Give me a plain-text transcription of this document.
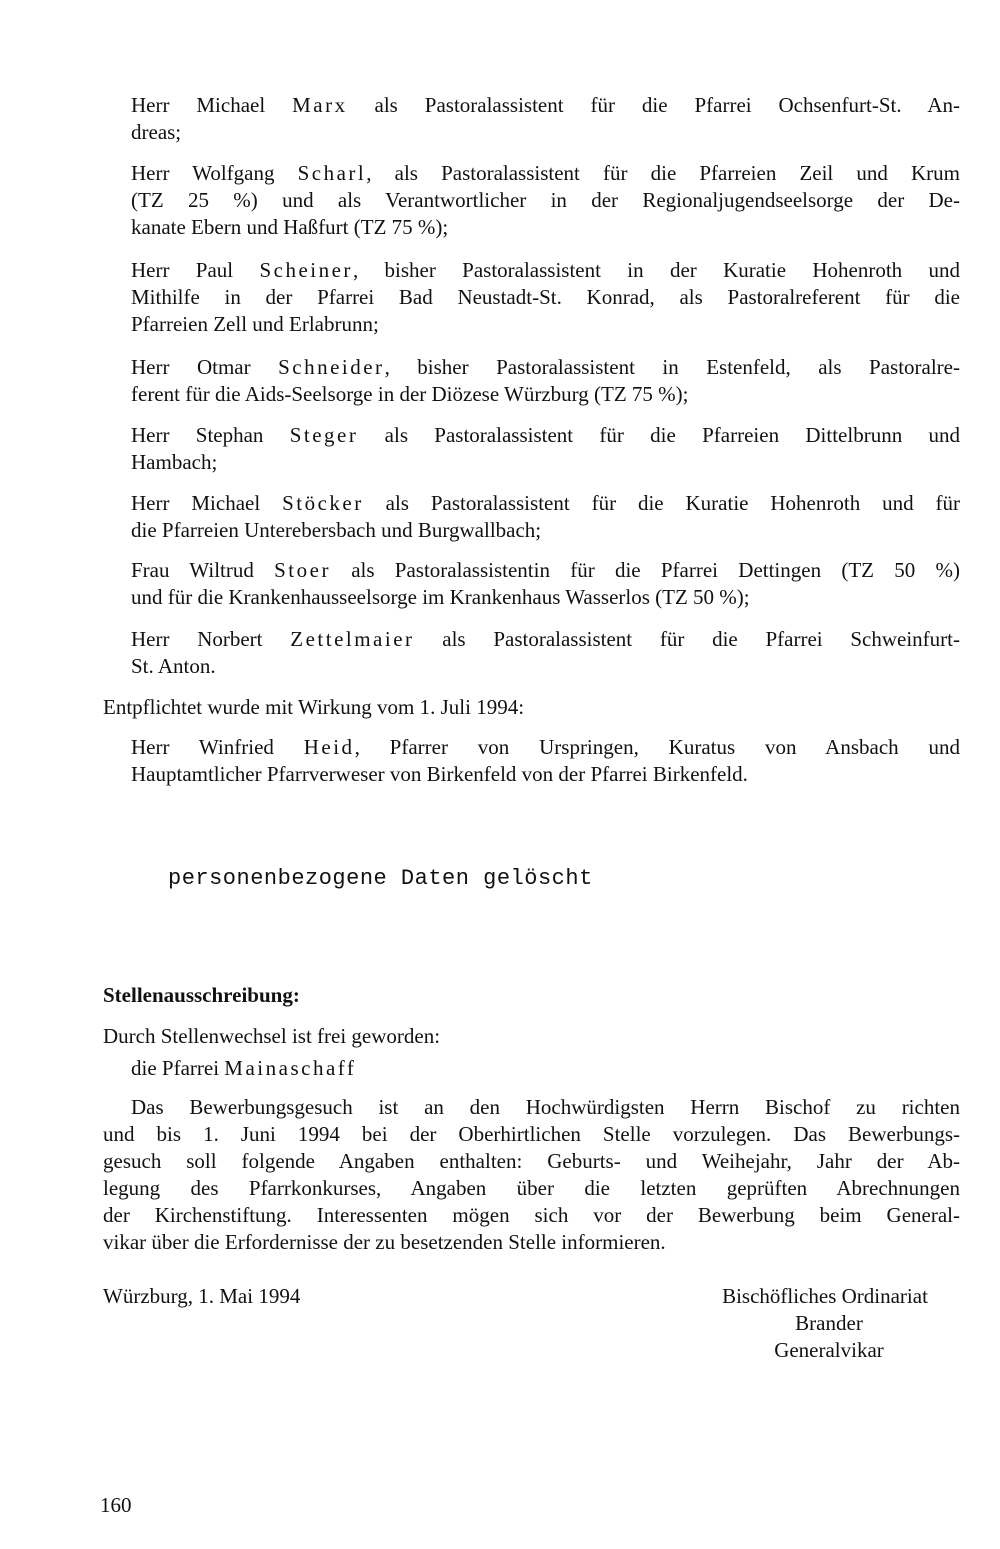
Herr Michael Marx als Pastoralassistent für die Pfarrei Ochsenfurt-St. An-
dreas;
Herr Wolfgang Scharl, als Pastoralassistent für die Pfarreien Zeil und Krum
(TZ 25 %) und als Verantwortlicher in der Regionaljugendseelsorge der De-
kanate Ebern und Haßfurt (TZ 75 %);
Herr Paul Scheiner, bisher Pastoralassistent in der Kuratie Hohenroth und
Mithilfe in der Pfarrei Bad Neustadt-St. Konrad, als Pastoralreferent für die
Pfarreien Zell und Erlabrunn;
Herr Otmar Schneider, bisher Pastoralassistent in Estenfeld, als Pastoralre-
ferent für die Aids-Seelsorge in der Diözese Würzburg (TZ 75 %);
Herr Stephan Steger als Pastoralassistent für die Pfarreien Dittelbrunn und
Hambach;
Herr Michael Stöcker als Pastoralassistent für die Kuratie Hohenroth und für
die Pfarreien Unterebersbach und Burgwallbach;
Frau Wiltrud Stoer als Pastoralassistentin für die Pfarrei Dettingen (TZ 50 %)
und für die Krankenhausseelsorge im Krankenhaus Wasserlos (TZ 50 %);
Herr Norbert Zettelmaier als Pastoralassistent für die Pfarrei Schweinfurt-
St. Anton.
Entpflichtet wurde mit Wirkung vom 1. Juli 1994:
Herr Winfried Heid, Pfarrer von Urspringen, Kuratus von Ansbach und
Hauptamtlicher Pfarrverweser von Birkenfeld von der Pfarrei Birkenfeld.
personenbezogene Daten gelöscht
Stellenausschreibung:
Durch Stellenwechsel ist frei geworden:
die Pfarrei Mainaschaff
Das Bewerbungsgesuch ist an den Hochwürdigsten Herrn Bischof zu richten
und bis 1. Juni 1994 bei der Oberhirtlichen Stelle vorzulegen. Das Bewerbungs-
gesuch soll folgende Angaben enthalten: Geburts- und Weihejahr, Jahr der Ab-
legung des Pfarrkonkurses, Angaben über die letzten geprüften Abrechnungen
der Kirchenstiftung. Interessenten mögen sich vor der Bewerbung beim General-
vikar über die Erfordernisse der zu besetzenden Stelle informieren.
Würzburg, 1. Mai 1994	Bischöfliches Ordinariat
Brander
Generalvikar
160
